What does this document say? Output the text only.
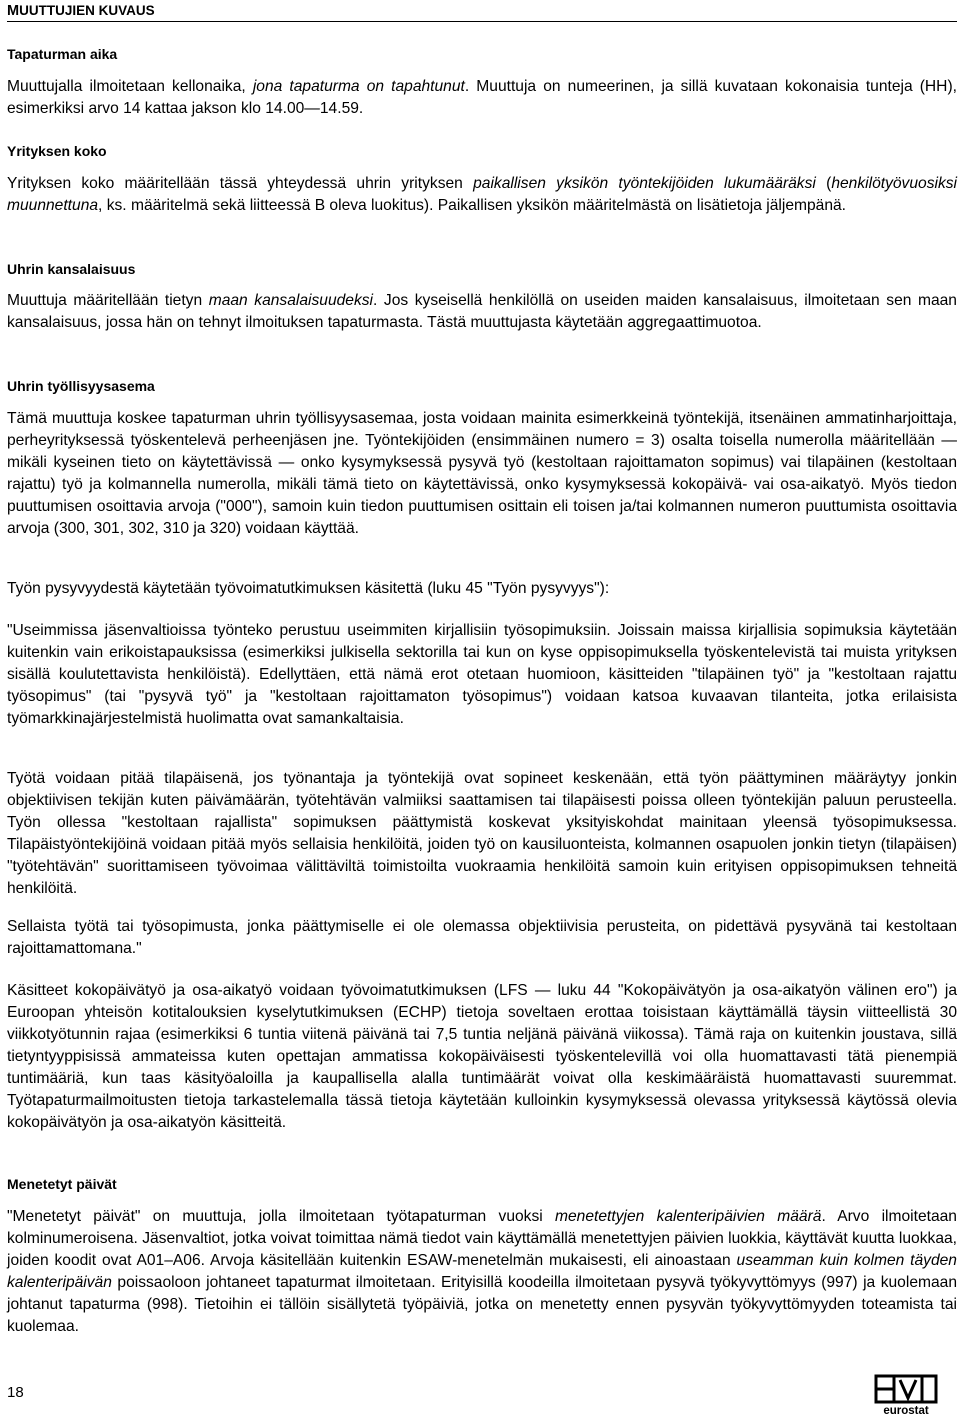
MUUTTUJIEN KUVAUS
Tapaturman aika

Muuttujalla ilmoitetaan kellonaika, jona tapaturma on tapahtunut. Muuttuja on numeerinen, ja sillä kuvataan kokonaisia tunteja (HH), esimerkiksi arvo 14 kattaa jakson klo 14.00—14.59.

Yrityksen koko

Yrityksen koko määritellään tässä yhteydessä uhrin yrityksen paikallisen yksikön työntekijöiden lukumääräksi (henkilötyövuosiksi muunnettuna, ks. määritelmä sekä liitteessä B oleva luokitus). Paikallisen yksikön määritelmästä on lisätietoja jäljempänä.

Uhrin kansalaisuus

Muuttuja määritellään tietyn maan kansalaisuudeksi. Jos kyseisellä henkilöllä on useiden maiden kansalaisuus, ilmoitetaan sen maan kansalaisuus, jossa hän on tehnyt ilmoituksen tapaturmasta. Tästä muuttujasta käytetään aggregaattimuotoa.

Uhrin työllisyysasema

Tämä muuttuja koskee tapaturman uhrin työllisyysasemaa, josta voidaan mainita esimerkkeinä työntekijä, itsenäinen ammatinharjoittaja, perheyrityksessä työskentelevä perheenjäsen jne. Työntekijöiden (ensimmäinen numero = 3) osalta toisella numerolla määritellään — mikäli kyseinen tieto on käytettävissä — onko kysymyksessä pysyvä työ (kestoltaan rajoittamaton sopimus) vai tilapäinen (kestoltaan rajattu) työ ja kolmannella numerolla, mikäli tämä tieto on käytettävissä, onko kysymyksessä kokopäivä- vai osa-aikatyö. Myös tiedon puuttumisen osoittavia arvoja ("000"), samoin kuin tiedon puuttumisen osittain eli toisen ja/tai kolmannen numeron puuttumista osoittavia arvoja (300, 301, 302, 310 ja 320) voidaan käyttää.

Työn pysyvyydestä käytetään työvoimatutkimuksen käsitettä (luku 45 "Työn pysyvyys"):

"Useimmissa jäsenvaltioissa työnteko perustuu useimmiten kirjallisiin työsopimuksiin. Joissain maissa kirjallisia sopimuksia käytetään kuitenkin vain erikoistapauksissa (esimerkiksi julkisella sektorilla tai kun on kyse oppisopimuksella työskentelevistä tai muista yrityksen sisällä koulutettavista henkilöistä). Edellyttäen, että nämä erot otetaan huomioon, käsitteiden "tilapäinen työ" ja "kestoltaan rajattu työsopimus" (tai "pysyvä työ" ja "kestoltaan rajoittamaton työsopimus") voidaan katsoa kuvaavan tilanteita, jotka erilaisista työmarkkinajärjestelmistä huolimatta ovat samankaltaisia.

Työtä voidaan pitää tilapäisenä, jos työnantaja ja työntekijä ovat sopineet keskenään, että työn päättyminen määräytyy jonkin objektiivisen tekijän kuten päivämäärän, työtehtävän valmiiksi saattamisen tai tilapäisesti poissa olleen työntekijän paluun perusteella. Työn ollessa "kestoltaan rajallista" sopimuksen päättymistä koskevat yksityiskohdat mainitaan yleensä työsopimuksessa. Tilapäistyöntekijöinä voidaan pitää myös sellaisia henkilöitä, joiden työ on kausiluonteista, kolmannen osapuolen jonkin tietyn (tilapäisen) "työtehtävän" suorittamiseen työvoimaa välittäviltä toimistoilta vuokraamia henkilöitä samoin kuin erityisen oppisopimuksen tehneitä henkilöitä.

Sellaista työtä tai työsopimusta, jonka päättymiselle ei ole olemassa objektiivisia perusteita, on pidettävä pysyvänä tai kestoltaan rajoittamattomana."

Käsitteet kokopäivätyö ja osa-aikatyö voidaan työvoimatutkimuksen (LFS — luku 44 "Kokopäivätyön ja osa-aikatyön välinen ero") ja Euroopan yhteisön kotitalouksien kyselytutkimuksen (ECHP) tietoja soveltaen erottaa toisistaan käyttämällä täysin viitteellistä 30 viikkotyötunnin rajaa (esimerkiksi 6 tuntia viitenä päivänä tai 7,5 tuntia neljänä päivänä viikossa). Tämä raja on kuitenkin joustava, sillä tietyntyyppisissä ammateissa kuten opettajan ammatissa kokopäiväisesti työskentelevillä voi olla huomattavasti tätä pienempiä tuntimääriä, kun taas käsityöaloilla ja kaupallisella alalla tuntimäärät voivat olla keskimääräistä huomattavasti suuremmat. Työtapaturmailmoitusten tietoja tarkastelemalla tässä tietoja käytetään kulloinkin kysymyksessä olevassa yrityksessä käytössä olevia kokopäivätyön ja osa-aikatyön käsitteitä.

Menetetyt päivät

"Menetetyt päivät" on muuttuja, jolla ilmoitetaan työtapaturman vuoksi menetettyjen kalenteripäivien määrä. Arvo ilmoitetaan kolminumeroisena. Jäsenvaltiot, jotka voivat toimittaa nämä tiedot vain käyttämällä menetettyjen päivien luokkia, käyttävät kuutta luokkaa, joiden koodit ovat A01–A06. Arvoja käsitellään kuitenkin ESAW-menetelmän mukaisesti, eli ainoastaan useamman kuin kolmen täyden kalenteripäivän poissaoloon johtaneet tapaturmat ilmoitetaan. Erityisillä koodeilla ilmoitetaan pysyvä työkyvyttömyys (997) ja kuolemaan johtanut tapaturma (998). Tietoihin ei tällöin sisällytetä työpäiviä, jotka on menetetty ennen pysyvän työkyvyttömyyden toteamista tai kuolemaa.

18
eurostat
